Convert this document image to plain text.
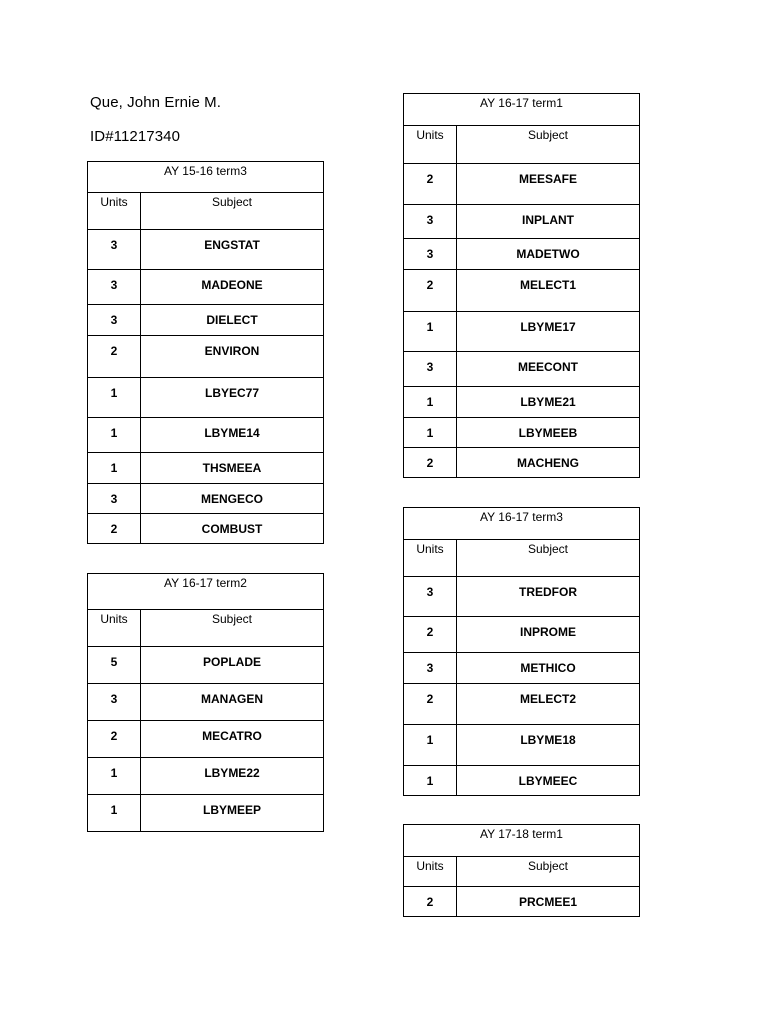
Que, John Ernie M.
ID#11217340
AY 15-16 term3	
Units	Subject
3	ENGSTAT
3	MADEONE
3	DIELECT
2	ENVIRON
1	LBYEC77
1	LBYME14
1	THSMEEA
3	MENGECO
2	COMBUST
AY 16-17 term2	
Units	Subject
5	POPLADE
3	MANAGEN
2	MECATRO
1	LBYME22
1	LBYMEEP
AY 16-17 term1	
Units	Subject
2	MEESAFE
3	INPLANT
3	MADETWO
2	MELECT1
1	LBYME17
3	MEECONT
1	LBYME21
1	LBYMEEB
2	MACHENG
AY 16-17 term3	
Units	Subject
3	TREDFOR
2	INPROME
3	METHICO
2	MELECT2
1	LBYME18
1	LBYMEEC
AY 17-18 term1	
Units	Subject
2	PRCMEE1
